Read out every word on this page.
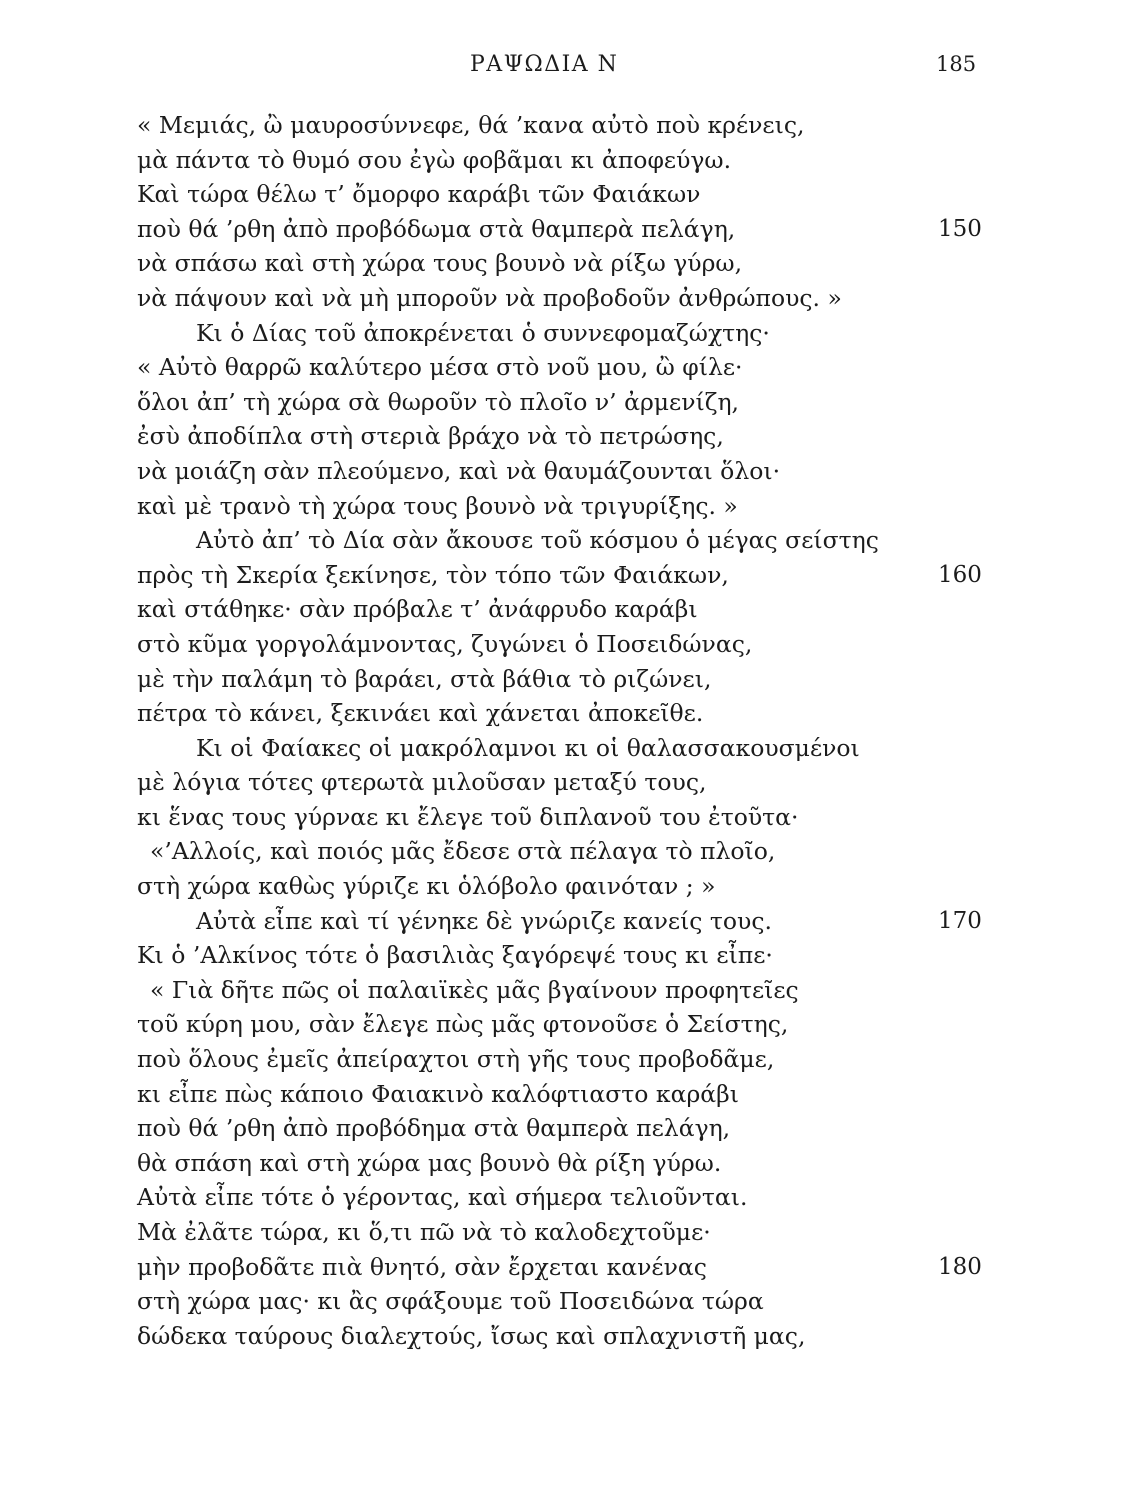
ΡΑΨΩΔΙΑ Ν	185
« Μεμιάς, ὢ μαυροσύννεφε, θά ’κανα αὐτὸ ποὺ κρένεις,
μὰ πάντα τὸ θυμό σου ἐγὼ φοβᾶμαι κι ἀποφεύγω.
Καὶ τώρα θέλω τ’ ὄμορφο καράβι τῶν Φαιάκων
ποὺ θά ’ρθη ἀπὸ προβόδωμα στὰ θαμπερὰ πελάγη,	150
νὰ σπάσω καὶ στὴ χώρα τους βουνὸ νὰ ρίξω γύρω,
νὰ πάψουν καὶ νὰ μὴ μποροῦν νὰ προβοδοῦν ἀνθρώπους. »
Κι ὁ Δίας τοῦ ἀποκρένεται ὁ συννεφομαζώχτης·
« Αὐτὸ θαρρῶ καλύτερο μέσα στὸ νοῦ μου, ὢ φίλε·
ὅλοι ἀπ’ τὴ χώρα σὰ θωροῦν τὸ πλοῖο ν’ ἀρμενίζη,
ἐσὺ ἀποδίπλα στὴ στεριὰ βράχο νὰ τὸ πετρώσης,
νὰ μοιάζη σὰν πλεούμενο, καὶ νὰ θαυμάζουνται ὅλοι·
καὶ μὲ τρανὸ τὴ χώρα τους βουνὸ νὰ τριγυρίξης. »
Αὐτὸ ἀπ’ τὸ Δία σὰν ἄκουσε τοῦ κόσμου ὁ μέγας σείστης
πρὸς τὴ Σκερία ξεκίνησε, τὸν τόπο τῶν Φαιάκων,	160
καὶ στάθηκε· σὰν πρόβαλε τ’ ἀνάφρυδο καράβι
στὸ κῦμα γοργολάμνοντας, ζυγώνει ὁ Ποσειδώνας,
μὲ τὴν παλάμη τὸ βαράει, στὰ βάθια τὸ ριζώνει,
πέτρα τὸ κάνει, ξεκινάει καὶ χάνεται ἀποκεῖθε.
Κι οἱ Φαίακες οἱ μακρόλαμνοι κι οἱ θαλασσακουσμένοι
μὲ λόγια τότες φτερωτὰ μιλοῦσαν μεταξύ τους,
κι ἕνας τους γύρναε κι ἔλεγε τοῦ διπλανοῦ του ἐτοῦτα·
«’Αλλοίς, καὶ ποιός μᾶς ἔδεσε στὰ πέλαγα τὸ πλοῖο,
στὴ χώρα καθὼς γύριζε κι ὁλόβολο φαινόταν ; »
Αὐτὰ εἶπε καὶ τί γένηκε δὲ γνώριζε κανείς τους.	170
Κι ὁ ’Αλκίνος τότε ὁ βασιλιὰς ξαγόρεψέ τους κι εἶπε·
« Γιὰ δῆτε πῶς οἱ παλαιϊκὲς μᾶς βγαίνουν προφητεῖες
τοῦ κύρη μου, σὰν ἔλεγε πὼς μᾶς φτονοῦσε ὁ Σείστης,
ποὺ ὅλους ἐμεῖς ἀπείραχτοι στὴ γῆς τους προβοδᾶμε,
κι εἶπε πὼς κάποιο Φαιακινὸ καλόφτιαστο καράβι
ποὺ θά ’ρθη ἀπὸ προβόδημα στὰ θαμπερὰ πελάγη,
θὰ σπάση καὶ στὴ χώρα μας βουνὸ θὰ ρίξη γύρω.
Αὐτὰ εἶπε τότε ὁ γέροντας, καὶ σήμερα τελιοῦνται.
Μὰ ἐλᾶτε τώρα, κι ὅ,τι πῶ νὰ τὸ καλοδεχτοῦμε·
μὴν προβοδᾶτε πιὰ θνητό, σὰν ἔρχεται κανένας	180
στὴ χώρα μας· κι ἂς σφάξουμε τοῦ Ποσειδώνα τώρα
δώδεκα ταύρους διαλεχτούς, ἴσως καὶ σπλαχνιστῆ μας,
